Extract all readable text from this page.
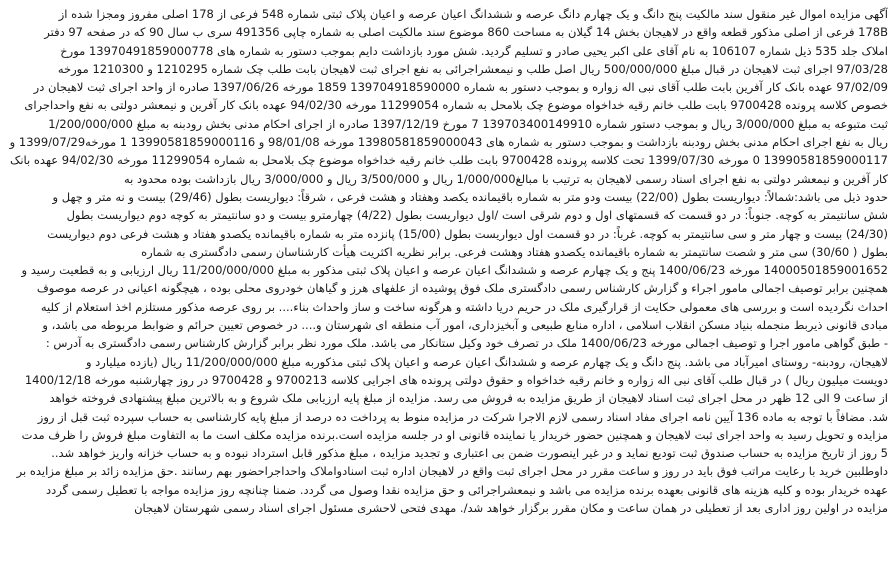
آگهی مزایده اموال غیر منقول سند مالکیت پنج دانگ و یک چهارم دانگ عرصه و ششدانگ اعیان عرصه و اعیان پلاک ثبتی شماره 548 فرعی از 178 اصلی مفروز ومجزا شده از
178B فرعی از اصلی مذکور قطعه واقع در لاهیجان بخش 14 گیلان به مساحت 860 موضوع سند مالکیت اصلی به شماره چاپی 491356 سری ب سال 90 که در صفحه 97 دفتر
املاک جلد 535 ذیل شماره 106107 به نام آقای علی اکبر یحیی صادر و تسلیم گردید. شش مورد بازداشت دایم بموجب دستور به شماره های 13970491859000778 مورخ
97/03/28 اجرای ثبت لاهیجان در قبال مبلغ 500/000/000 ریال اصل طلب و نیمعشراجرائی به نفع اجرای ثبت لاهیجان بابت طلب چک شماره 1210295 و 1210300 مورخه
97/02/09 عهده بانک کار آفرین بابت طلب آقای نبی اله زواره و بموجب دستور به شماره 139704918590000 1859 مورخه 1397/06/26 صادره از واحد اجرای ثبت لاهیجان در
خصوص کلاسه پرونده 9700428 بابت طلب خانم رقیه خداخواه موضوع چک بلامحل به شماره 11299054 مورخه 94/02/30 عهده بانک کار آفرین و نیمعشر دولتی به نفع واحداجرای
ثبت متبوعه به مبلغ 3/000/000 ریال و بموجب دستور شماره 139703400149910 7 مورخ 1397/12/19 صادره از اجرای احکام مدنی بخش رودبنه به مبلغ 1/200/000/000
ریال به نفع اجرای احکام مدنی بخش رودبنه بازداشت و بموجب دستور به شماره های 13980581859000043 مورخه 98/01/08 و 13990581859000116 1 مورخه1399/07/29 و
13990581859000117 0 مورخه 1399/07/30 تحت کلاسه پرونده 9700428 بابت طلب خانم رقیه خداخواه موضوع چک بلامحل به شماره 11299054 مورخه 94/02/30 عهده بانک
کار آفرین و نیمعشر دولتی به نفع اجرای اسناد رسمی لاهیجان به ترتیب با مبالغ1/000/000 ریال و 3/500/000 ریال و 3/000/000 ریال بازداشت بوده محدود به
حدود ذیل می باشد:شمالاً: دیواریست بطول (22/00) بیست ودو متر به شماره باقیمانده یکصد وهفتاد و هشت فرعی ، شرقاً: دیواریست بطول (29/46) بیست و نه متر و چهل و
شش سانتیمتر به کوچه. جنوباً: در دو قسمت که قسمتهای اول و دوم شرقی است /اول دیواریست بطول (4/22) چهارمترو بیست و دو سانتیمتر به کوچه دوم دیواریست بطول
(24/30) بیست و چهار متر و سی سانتیمتر به کوچه. غرباً: در دو قسمت اول دیواریست بطول (15/00) پانزده متر به شماره باقیمانده یکصدو هفتاد و هشت فرعی دوم دیواریست
بطول ( 30/60) سی متر و شصت سانتیمتر به شماره باقیمانده یکصدو هفتاد وهشت فرعی. برابر نظریه اکثریت هیأت کارشناسان رسمی دادگستری به شماره
14000501859001652 مورخه 1400/06/23 پنج و یک چهارم عرصه و ششدانگ اعیان عرصه و اعیان پلاک ثبتی مذکور به مبلغ 11/200/000/000 ریال ارزیابی و به قطعیت رسید و
همچنین برابر توصیف اجمالی مامور اجراء و گزارش کارشناس رسمی دادگستری ملک فوق پوشیده از علفهای هرز و گیاهان خودروی محلی بوده ، هیچگونه اعیانی در عرصه موصوف
احداث نگردیده است و بررسی های معمولی حکایت از قرارگیری ملک در حریم دریا داشته و هرگونه ساخت و ساز واحداث بناء.... بر روی عرصه مذکور مستلزم اخذ استعلام از کلیه
مبادی قانونی ذیربط منجمله بنیاد مسکن انقلاب اسلامی ، اداره منابع طبیعی و آبخیزداری، امور آب منطقه ای شهرستان و.... در خصوص تعیین حرائم و ضوابط مربوطه می باشد، و
- طبق گواهی مامور اجرا و توصیف اجمالی مورخه 1400/06/23 ملک در تصرف خود وکیل ستانکار می باشد. ملک مورد نظر برابر گزارش کارشناس رسمی دادگستری به آدرس :
لاهیجان، رودبنه- روستای امیرآباد می باشد. پنج دانگ و یک چهارم عرصه و ششدانگ اعیان عرصه و اعیان پلاک ثبتی مذکوربه مبلغ 11/200/000/000 ریال (یازده میلیارد و
دویست میلیون ریال ) در قبال طلب آقای نبی اله زواره و خانم رقیه خداخواه و حقوق دولتی پرونده های اجرایی کلاسه 9700213 و 9700428 در روز چهارشنبه مورخه 1400/12/18
از ساعت 9 الی 12 ظهر در محل اجرای ثبت اسناد لاهیجان از طریق مزایده به فروش می رسد. مزایده از مبلغ پایه ارزیابی ملک شروع و به بالاترین مبلغ پیشنهادی فروخته خواهد
شد. مضافاً با توجه به ماده 136 آیین نامه اجرای مفاد اسناد رسمی لازم الاجرا شرکت در مزایده منوط به پرداخت ده درصد از مبلغ پایه کارشناسی به حساب سپرده ثبت قبل از روز
مزایده و تحویل رسید به واحد اجرای ثبت لاهیجان و همچنین حضور خریدار یا نماینده قانونی او در جلسه مزایده است.برنده مزایده مکلف است ما به التفاوت مبلغ فروش را ظرف مدت
5 روز از تاریخ مزایده به حساب صندوق ثبت تودیع نماید و در غیر اینصورت ضمن بی اعتباری و تجدید مزایده ، مبلغ مذکور قابل استرداد نبوده و به حساب خزانه واریز خواهد شد..
داوطلبین خرید با رعایت مراتب فوق باید در روز و ساعت مقرر در محل اجرای ثبت واقع در لاهیجان اداره ثبت اسنادواملاک واحداجراحضور بهم رسانند .حق مزایده زائد بر مبلغ مزایده بر
عهده خریدار بوده و کلیه هزینه های قانونی بعهده برنده مزایده می باشد و نیمعشراجرائی و حق مزایده نقدا وصول می گردد. ضمنا چنانچه روز مزایده مواجه با تعطیل رسمی گردد
مزایده در اولین روز اداری بعد از تعطیلی در همان ساعت و مکان مقرر برگزار خواهد شد/. مهدی فتحی لاحشری مسئول اجرای اسناد رسمی شهرستان لاهیجان
